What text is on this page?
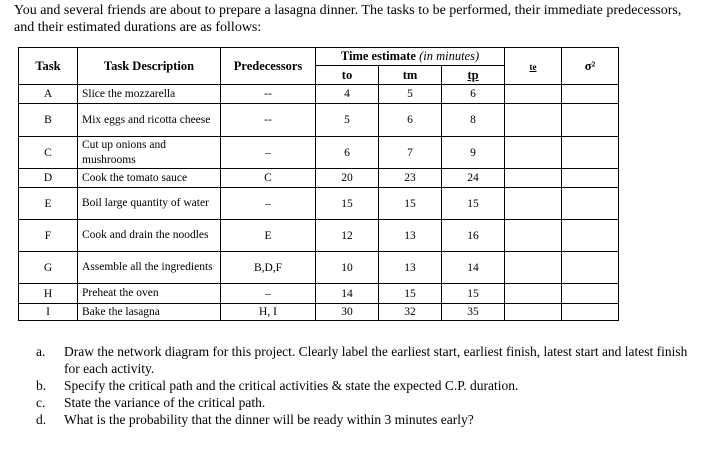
You and several friends are about to prepare a lasagna dinner. The tasks to be performed, their immediate predecessors, and their estimated durations are as follows:
Task	Task Description	Predecessors	Time estimate (in minutes)			te	σ²
			to	tm	tp		
A	Slice the mozzarella	--	4	5	6		
B	Mix eggs and ricotta cheese	--	5	6	8		
C	Cut up onions and mushrooms	–	6	7	9		
D	Cook the tomato sauce	C	20	23	24		
E	Boil large quantity of water	–	15	15	15		
F	Cook and drain the noodles	E	12	13	16		
G	Assemble all the ingredients	B,D,F	10	13	14		
H	Preheat the oven	–	14	15	15		
I	Bake the lasagna	H, I	30	32	35		
a. Draw the network diagram for this project. Clearly label the earliest start, earliest finish, latest start and latest finish for each activity.
b. Specify the critical path and the critical activities & state the expected C.P. duration.
c. State the variance of the critical path.
d. What is the probability that the dinner will be ready within 3 minutes early?
